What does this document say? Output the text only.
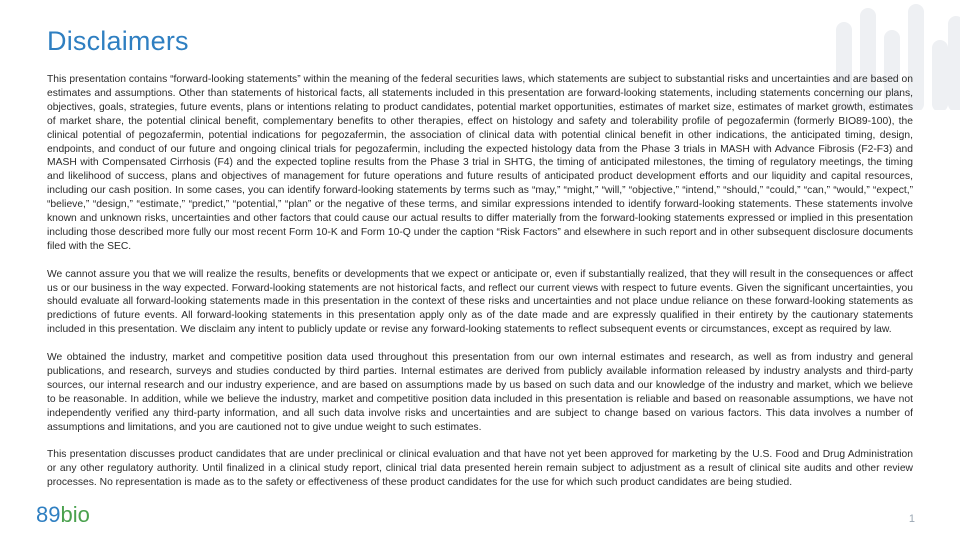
Disclaimers

This presentation contains “forward-looking statements” within the meaning of the federal securities laws, which statements are subject to substantial risks and uncertainties and are based on estimates and assumptions. Other than statements of historical facts, all statements included in this presentation are forward-looking statements, including statements concerning our plans, objectives, goals, strategies, future events, plans or intentions relating to product candidates, potential market opportunities, estimates of market size, estimates of market growth, estimates of market share, the potential clinical benefit, complementary benefits to other therapies, effect on histology and safety and tolerability profile of pegozafermin (formerly BIO89-100), the clinical potential of pegozafermin, potential indications for pegozafermin, the association of clinical data with potential clinical benefit in other indications, the anticipated timing, design, endpoints, and conduct of our future and ongoing clinical trials for pegozafermin, including the expected histology data from the Phase 3 trials in MASH with Advance Fibrosis (F2-F3) and MASH with Compensated Cirrhosis (F4) and the expected topline results from the Phase 3 trial in SHTG, the timing of anticipated milestones, the timing of regulatory meetings, the timing and likelihood of success, plans and objectives of management for future operations and future results of anticipated product development efforts and our liquidity and capital resources, including our cash position. In some cases, you can identify forward-looking statements by terms such as “may,” “might,” “will,” “objective,” “intend,” “should,” “could,” “can,” “would,” “expect,” “believe,” “design,” “estimate,” “predict,” “potential,” “plan” or the negative of these terms, and similar expressions intended to identify forward-looking statements. These statements involve known and unknown risks, uncertainties and other factors that could cause our actual results to differ materially from the forward-looking statements expressed or implied in this presentation including those described more fully our most recent Form 10-K and Form 10-Q under the caption “Risk Factors” and elsewhere in such report and in other subsequent disclosure documents filed with the SEC.

We cannot assure you that we will realize the results, benefits or developments that we expect or anticipate or, even if substantially realized, that they will result in the consequences or affect us or our business in the way expected. Forward-looking statements are not historical facts, and reflect our current views with respect to future events. Given the significant uncertainties, you should evaluate all forward-looking statements made in this presentation in the context of these risks and uncertainties and not place undue reliance on these forward-looking statements as predictions of future events. All forward-looking statements in this presentation apply only as of the date made and are expressly qualified in their entirety by the cautionary statements included in this presentation. We disclaim any intent to publicly update or revise any forward-looking statements to reflect subsequent events or circumstances, except as required by law.

We obtained the industry, market and competitive position data used throughout this presentation from our own internal estimates and research, as well as from industry and general publications, and research, surveys and studies conducted by third parties. Internal estimates are derived from publicly available information released by industry analysts and third-party sources, our internal research and our industry experience, and are based on assumptions made by us based on such data and our knowledge of the industry and market, which we believe to be reasonable. In addition, while we believe the industry, market and competitive position data included in this presentation is reliable and based on reasonable assumptions, we have not independently verified any third-party information, and all such data involve risks and uncertainties and are subject to change based on various factors. This data involves a number of assumptions and limitations, and you are cautioned not to give undue weight to such estimates.

This presentation discusses product candidates that are under preclinical or clinical evaluation and that have not yet been approved for marketing by the U.S. Food and Drug Administration or any other regulatory authority. Until finalized in a clinical study report, clinical trial data presented herein remain subject to adjustment as a result of clinical site audits and other review processes. No representation is made as to the safety or effectiveness of these product candidates for the use for which such product candidates are being studied.

89bio	1
